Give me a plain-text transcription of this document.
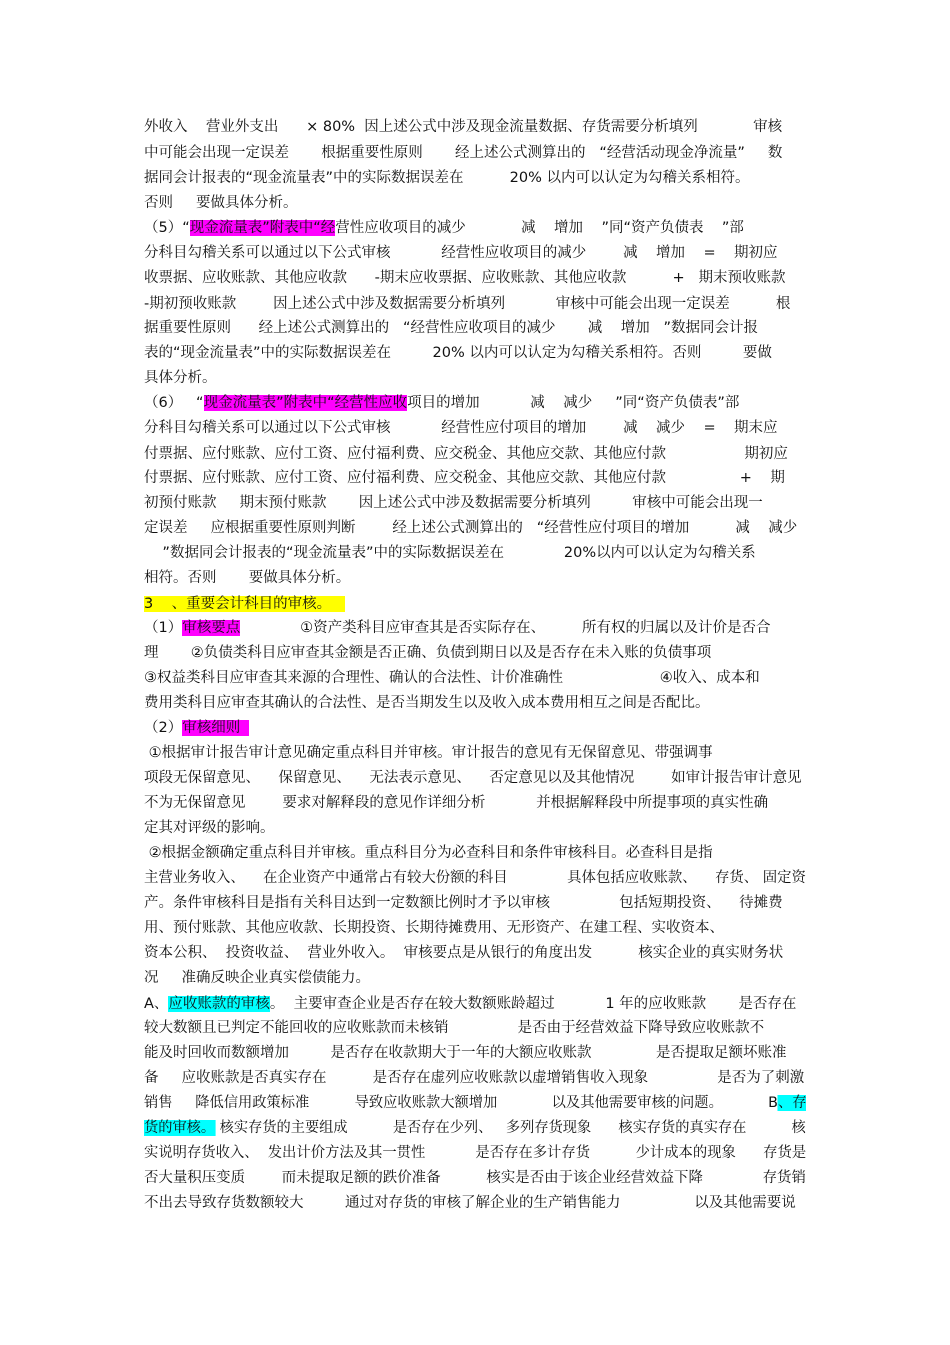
外收入    营业外支出      × 80%  因上述公式中涉及现金流量数据、存货需要分析填列            审核
中可能会出现一定误差       根据重要性原则       经上述公式测算出的   “经营活动现金净流量”     数
据同会计报表的“现金流量表”中的实际数据误差在          20% 以内可以认定为勾稽关系相符。
否则     要做具体分析。
（5）“现金流量表”附表中“经营性应收项目的减少            减    增加    ”同“资产负债表    ”部
分科目勾稽关系可以通过以下公式审核           经营性应收项目的减少        减    增加    =    期初应
收票据、应收账款、其他应收款      -期末应收票据、应收账款、其他应收款          +   期末预收账款
-期初预收账款        因上述公式中涉及数据需要分析填列           审核中可能会出现一定误差          根
据重要性原则      经上述公式测算出的   “经营性应收项目的减少       减    增加   ”数据同会计报
表的“现金流量表”中的实际数据误差在         20% 以内可以认定为勾稽关系相符。否则         要做
具体分析。
（6）   “现金流量表”附表中“经营性应收项目的增加           减    减少     ”同“资产负债表”部
分科目勾稽关系可以通过以下公式审核           经营性应付项目的增加        减    减少    =    期末应
付票据、应付账款、应付工资、应付福利费、应交税金、其他应交款、其他应付款                 期初应
付票据、应付账款、应付工资、应付福利费、应交税金、其他应交款、其他应付款                +    期
初预付账款     期末预付账款       因上述公式中涉及数据需要分析填列         审核中可能会出现一
定误差     应根据重要性原则判断        经上述公式测算出的   “经营性应付项目的增加          减    减少
”数据同会计报表的“现金流量表”中的实际数据误差在             20%以内可以认定为勾稽关系
相符。否则       要做具体分析。
3    、重要会计科目的审核。
（1）审核要点             ①资产类科目应审查其是否实际存在、        所有权的归属以及计价是否合
理       ②负债类科目应审查其金额是否正确、负债到期日以及是否存在未入账的负债事项
③权益类科目应审查其来源的合理性、确认的合法性、计价准确性                     ④收入、成本和
费用类科目应审查其确认的合法性、是否当期发生以及收入成本费用相互之间是否配比。
（2）审核细则
①根据审计报告审计意见确定重点科目并审核。审计报告的意见有无保留意见、带强调事
项段无保留意见、    保留意见、    无法表示意见、    否定意见以及其他情况        如审计报告审计意见
不为无保留意见        要求对解释段的意见作详细分析           并根据解释段中所提事项的真实性确
定其对评级的影响。
②根据金额确定重点科目并审核。重点科目分为必查科目和条件审核科目。必查科目是指
主营业务收入、    在企业资产中通常占有较大份额的科目             具体包括应收账款、    存货、 固定资
产。条件审核科目是指有关科目达到一定数额比例时才予以审核               包括短期投资、    待摊费
用、预付账款、其他应收款、长期投资、长期待摊费用、无形资产、在建工程、实收资本、
资本公积、  投资收益、  营业外收入。  审核要点是从银行的角度出发          核实企业的真实财务状
况     准确反映企业真实偿债能力。
A、应收账款的审核。  主要审查企业是否存在较大数额账龄超过           1 年的应收账款       是否存在
较大数额且已判定不能回收的应收账款而未核销               是否由于经营效益下降导致应收账款不
能及时回收而数额增加         是否存在收款期大于一年的大额应收账款              是否提取足额坏账准
备     应收账款是否真实存在          是否存在虚列应收账款以虚增销售收入现象               是否为了刺激
销售     降低信用政策标准          导致应收账款大额增加            以及其他需要审核的问题。          B、存
货的审核。 核实存货的主要组成          是否存在少列、   多列存货现象      核实存货的真实存在          核
实说明存货收入、  发出计价方法及其一贯性           是否存在多计存货          少计成本的现象      存货是
否大量积压变质        而未提取足额的跌价准备          核实是否由于该企业经营效益下降             存货销
不出去导致存货数额较大         通过对存货的审核了解企业的生产销售能力                以及其他需要说
